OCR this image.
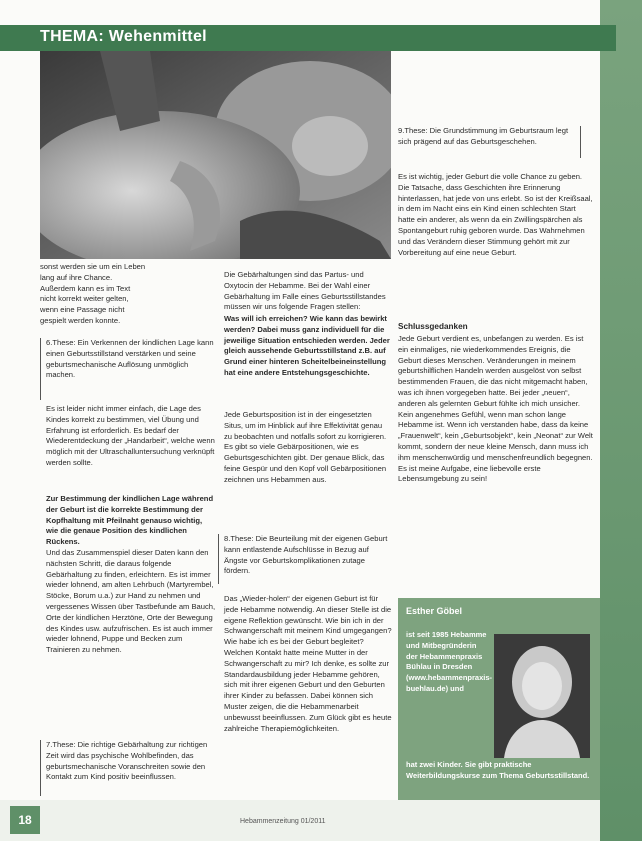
THEMA: Wehenmittel
sonst werden sie um ein Leben lang auf ihre Chance. Außerdem kann es im Text nicht korrekt weiter gelten, wenn eine Passage nicht gespielt werden konnte.
6.These: Ein Verkennen der kindlichen Lage kann einen Geburtsstillstand verstärken und seine geburtsmechanische Auflösung unmöglich machen.
Es ist leider nicht immer einfach, die Lage des Kindes korrekt zu bestimmen, viel Übung und Erfahrung ist erforderlich. Es bedarf der Wiederentdeckung der „Handarbeit“, welche wenn möglich mit der Ultraschalluntersuchung verknüpft werden sollte.
Zur Bestimmung der kindlichen Lage während der Geburt ist die korrekte Bestimmung der Kopfhaltung mit Pfeilnaht genauso wichtig, wie die genaue Position des kindlichen Rückens.
Und das Zusammenspiel dieser Daten kann den nächsten Schritt, die daraus folgende Gebärhaltung zu finden, erleichtern. Es ist immer wieder lohnend, am alten Lehrbuch (Martyrembel, Stöcke, Borum u.a.) zur Hand zu nehmen und vergessenes Wissen über Tastbefunde am Bauch, Orte der kindlichen Herztöne, Orte der Bewegung des Kindes usw. aufzufrischen. Es ist auch immer wieder lohnend, Puppe und Becken zum Trainieren zu nehmen.
7.These: Die richtige Gebärhaltung zur richtigen Zeit wird das psychische Wohlbefinden, das geburtsmechanische Voranschreiten sowie den Kontakt zum Kind positiv beeinflussen.
Die Gebärhaltungen sind das Partus- und Oxytocin der Hebamme. Bei der Wahl einer Gebärhaltung im Falle eines Geburtsstillstandes müssen wir uns folgende Fragen stellen:
Was will ich erreichen? Wie kann das bewirkt werden? Dabei muss ganz individuell für die jeweilige Situation entschieden werden. Jeder gleich aussehende Geburtsstillstand z.B. auf Grund einer hinteren Scheitelbeineinstellung hat eine andere Entstehungsgeschichte.
Jede Geburtsposition ist in der eingesetzten Situs, um im Hinblick auf ihre Effektivität genau zu beobachten und notfalls sofort zu korrigieren. Es gibt so viele Gebärpositionen, wie es Geburtsgeschichten gibt. Der genaue Blick, das feine Gespür und den Kopf voll Gebärpositionen zeichnen uns Hebammen aus.
8.These: Die Beurteilung mit der eigenen Geburt kann entlastende Aufschlüsse in Bezug auf Ängste vor Geburtskomplikationen zutage fördern.
Das „Wieder-holen“ der eigenen Geburt ist für jede Hebamme notwendig. An dieser Stelle ist die eigene Reflektion gewünscht. Wie bin ich in der Schwangerschaft mit meinem Kind umgegangen? Wie habe ich es bei der Geburt begleitet? Welchen Kontakt hatte meine Mutter in der Schwangerschaft zu mir? Ich denke, es sollte zur Standardausbildung jeder Hebamme gehören, sich mit ihrer eigenen Geburt und den Geburten ihrer Kinder zu befassen. Dabei können sich Muster zeigen, die die Hebammenarbeit unbewusst beeinflussen. Zum Glück gibt es heute zahlreiche Therapiemöglichkeiten.
9.These: Die Grundstimmung im Geburtsraum legt sich prägend auf das Geburtsgeschehen.
Es ist wichtig, jeder Geburt die volle Chance zu geben. Die Tatsache, dass Geschichten ihre Erinnerung hinterlassen, hat jede von uns erlebt. So ist der Kreißsaal, in dem im Nacht eins ein Kind einen schlechten Start hatte ein anderer, als wenn da ein Zwillingspärchen als Spontangeburt ruhig geboren wurde. Das Wahrnehmen und das Verändern dieser Stimmung gehört mit zur Vorbereitung auf eine neue Geburt.
Schlussgedanken
Jede Geburt verdient es, unbefangen zu werden. Es ist ein einmaliges, nie wiederkommendes Ereignis, die Geburt dieses Menschen. Veränderungen in meinem geburtshilflichen Handeln werden ausgelöst von selbst bestimmenden Frauen, die das nicht mitgemacht haben, was ich ihnen vorgegeben hatte. Bei jeder „neuen“, anderen als gelernten Geburt fühlte ich mich unsicher. Kein angenehmes Gefühl, wenn man schon lange Hebamme ist. Wenn ich verstanden habe, dass da keine „Frauenwelt“, kein „Geburtsobjekt“, kein „Neonat“ zur Welt kommt, sondern der neue kleine Mensch, dann muss ich ihm menschenwürdig und menschenfreundlich begegnen. Es ist meine Aufgabe, eine liebevolle erste Lebensumgebung zu sein!
Esther Göbel
ist seit 1985 Hebamme und Mitbegründerin der Hebammenpraxis Bühlau in Dresden (www.hebammenpraxis-buehlau.de) und
hat zwei Kinder. Sie gibt praktische Weiterbildungskurse zum Thema Geburtsstillstand.
18	Hebammenzeitung 01/2011
